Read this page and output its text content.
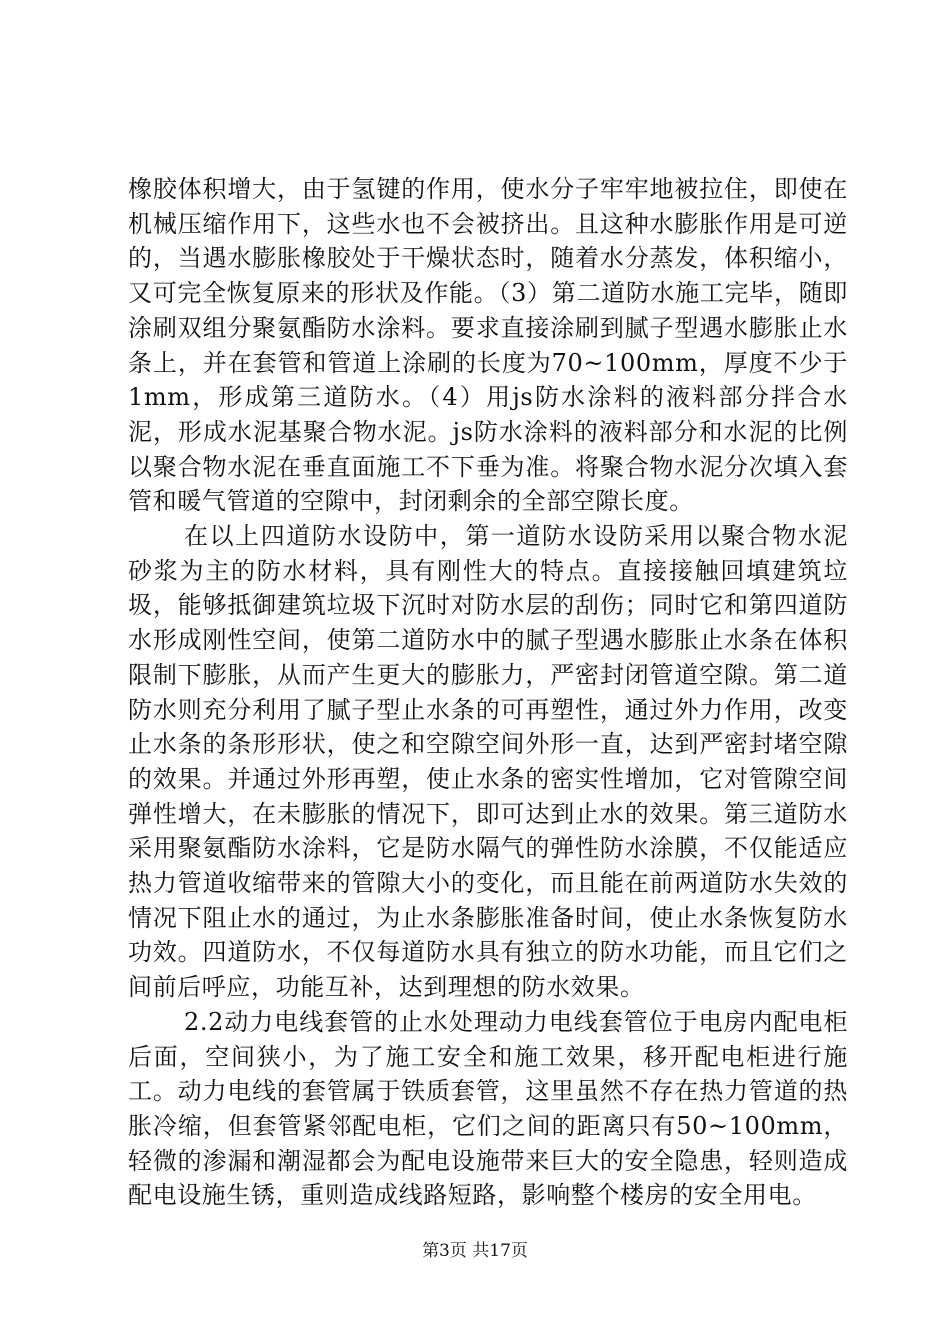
橡胶体积增大，由于氢键的作用，使水分子牢牢地被拉住，即使在机械压缩作用下，这些水也不会被挤出。且这种水膨胀作用是可逆的，当遇水膨胀橡胶处于干燥状态时，随着水分蒸发，体积缩小，又可完全恢复原来的形状及作能。（3）第二道防水施工完毕，随即涂刷双组分聚氨酯防水涂料。要求直接涂刷到腻子型遇水膨胀止水条上，并在套管和管道上涂刷的长度为70~100mm，厚度不少于1mm，形成第三道防水。（4）用js防水涂料的液料部分拌合水泥，形成水泥基聚合物水泥。js防水涂料的液料部分和水泥的比例以聚合物水泥在垂直面施工不下垂为准。将聚合物水泥分次填入套管和暖气管道的空隙中，封闭剩余的全部空隙长度。

在以上四道防水设防中，第一道防水设防采用以聚合物水泥砂浆为主的防水材料，具有刚性大的特点。直接接触回填建筑垃圾，能够抵御建筑垃圾下沉时对防水层的刮伤；同时它和第四道防水形成刚性空间，使第二道防水中的腻子型遇水膨胀止水条在体积限制下膨胀，从而产生更大的膨胀力，严密封闭管道空隙。第二道防水则充分利用了腻子型止水条的可再塑性，通过外力作用，改变止水条的条形形状，使之和空隙空间外形一直，达到严密封堵空隙的效果。并通过外形再塑，使止水条的密实性增加，它对管隙空间弹性增大，在未膨胀的情况下，即可达到止水的效果。第三道防水采用聚氨酯防水涂料，它是防水隔气的弹性防水涂膜，不仅能适应热力管道收缩带来的管隙大小的变化，而且能在前两道防水失效的情况下阻止水的通过，为止水条膨胀准备时间，使止水条恢复防水功效。四道防水，不仅每道防水具有独立的防水功能，而且它们之间前后呼应，功能互补，达到理想的防水效果。

2.2动力电线套管的止水处理动力电线套管位于电房内配电柜后面，空间狭小，为了施工安全和施工效果，移开配电柜进行施工。动力电线的套管属于铁质套管，这里虽然不存在热力管道的热胀冷缩，但套管紧邻配电柜，它们之间的距离只有50~100mm，轻微的渗漏和潮湿都会为配电设施带来巨大的安全隐患，轻则造成配电设施生锈，重则造成线路短路，影响整个楼房的安全用电。

第3页 共17页
